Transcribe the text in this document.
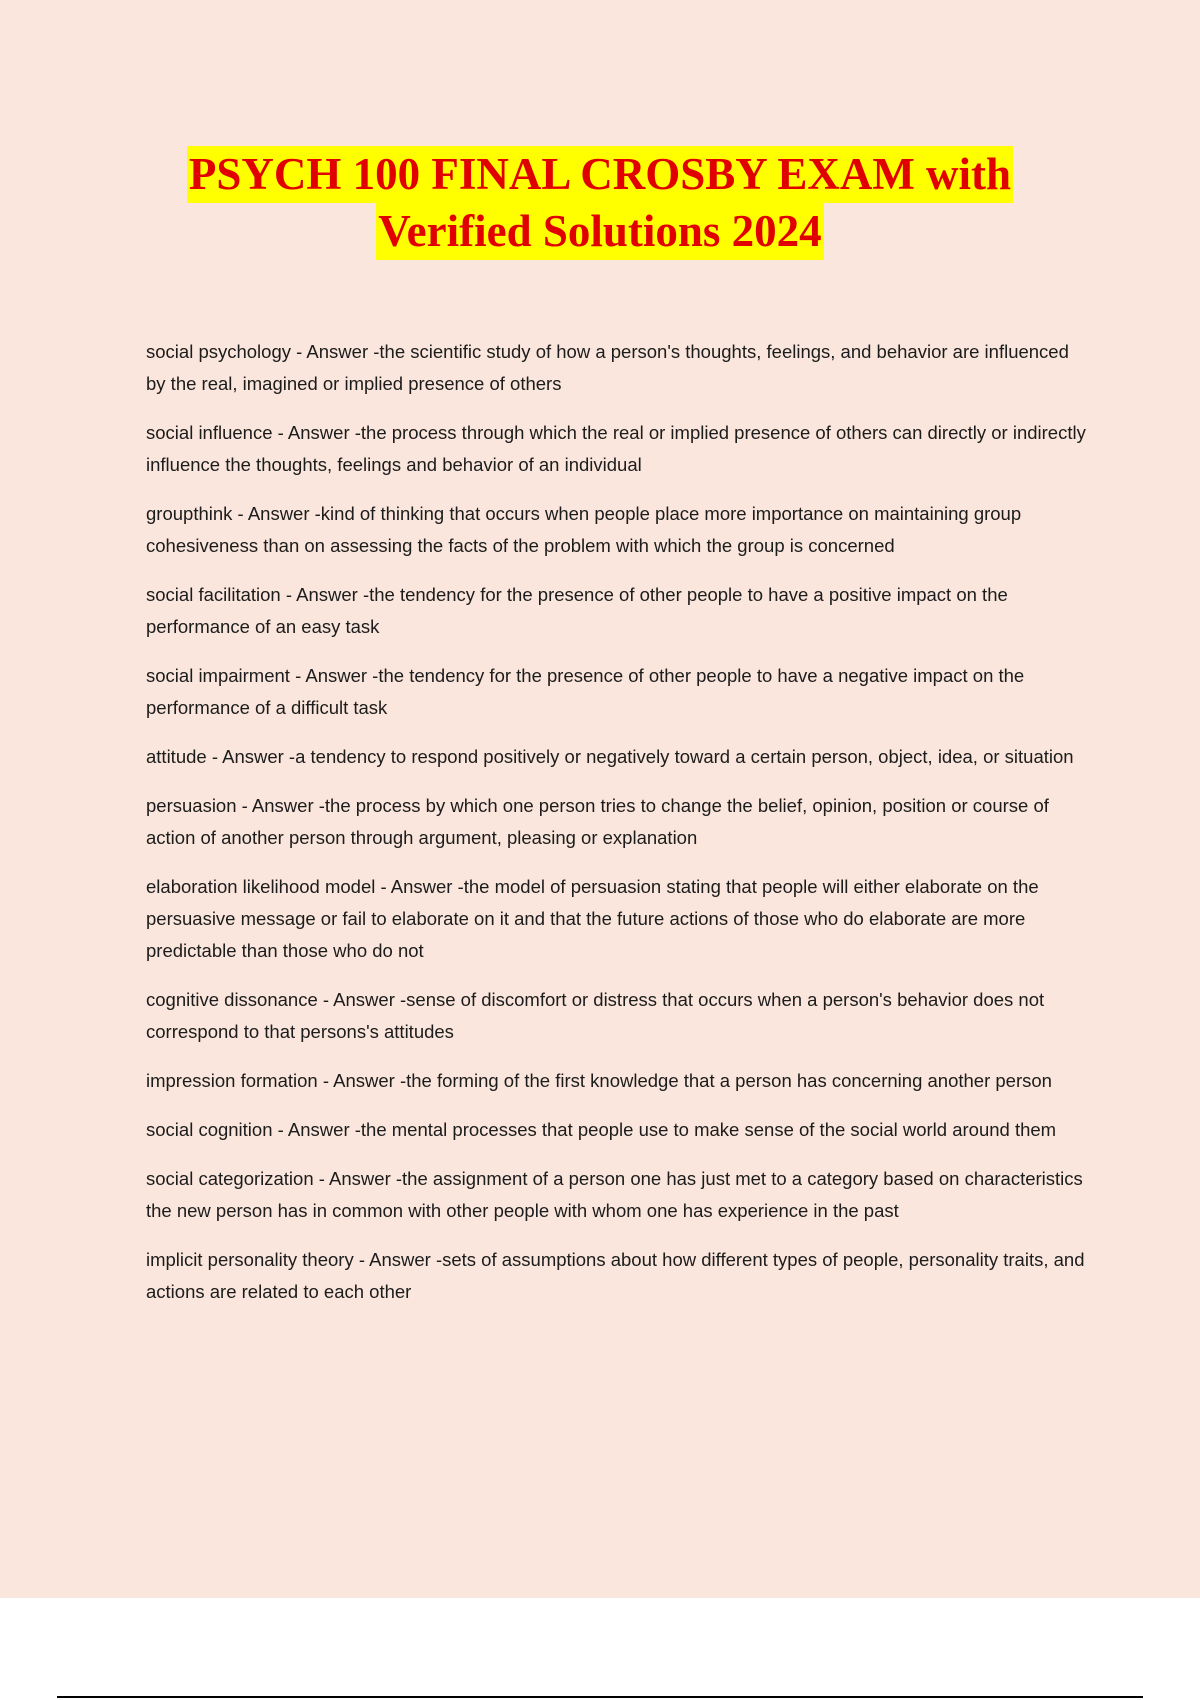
PSYCH 100 FINAL CROSBY EXAM with
Verified Solutions 2024

social psychology - Answer -the scientific study of how a person's thoughts, feelings, and behavior are influenced by the real, imagined or implied presence of others

social influence - Answer -the process through which the real or implied presence of others can directly or indirectly influence the thoughts, feelings and behavior of an individual

groupthink - Answer -kind of thinking that occurs when people place more importance on maintaining group cohesiveness than on assessing the facts of the problem with which the group is concerned

social facilitation - Answer -the tendency for the presence of other people to have a positive impact on the performance of an easy task

social impairment - Answer -the tendency for the presence of other people to have a negative impact on the performance of a difficult task

attitude - Answer -a tendency to respond positively or negatively toward a certain person, object, idea, or situation

persuasion - Answer -the process by which one person tries to change the belief, opinion, position or course of action of another person through argument, pleasing or explanation

elaboration likelihood model - Answer -the model of persuasion stating that people will either elaborate on the persuasive message or fail to elaborate on it and that the future actions of those who do elaborate are more predictable than those who do not

cognitive dissonance - Answer -sense of discomfort or distress that occurs when a person's behavior does not correspond to that persons's attitudes

impression formation - Answer -the forming of the first knowledge that a person has concerning another person

social cognition - Answer -the mental processes that people use to make sense of the social world around them

social categorization - Answer -the assignment of a person one has just met to a category based on characteristics the new person has in common with other people with whom one has experience in the past

implicit personality theory - Answer -sets of assumptions about how different types of people, personality traits, and actions are related to each other
